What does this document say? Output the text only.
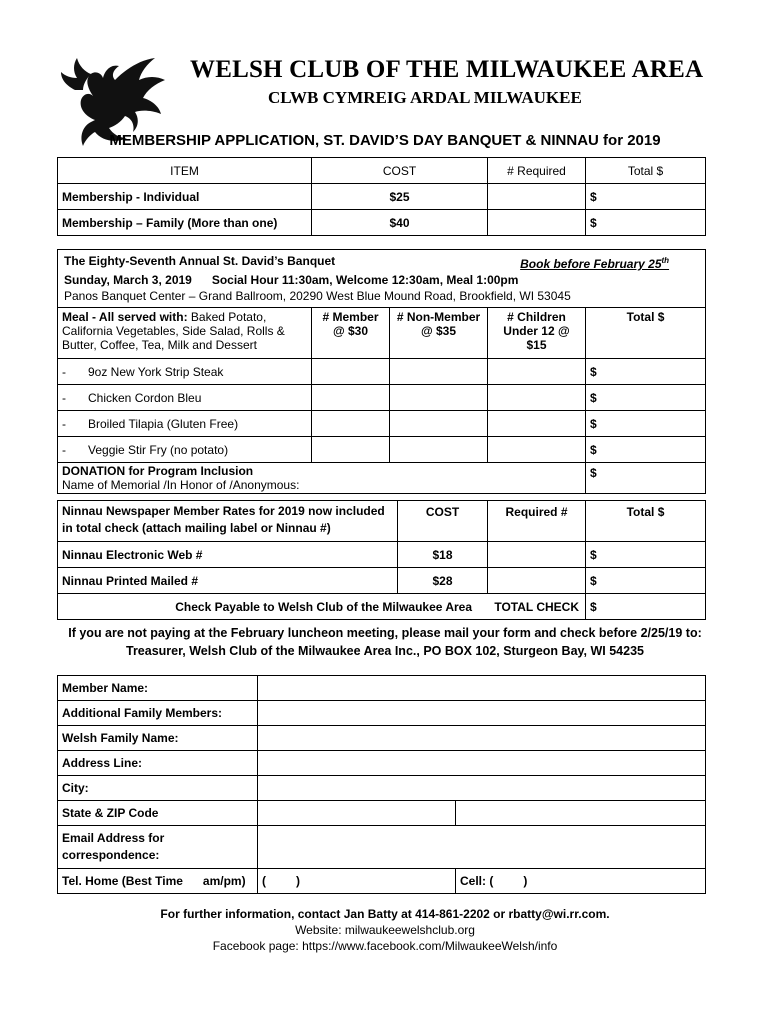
WELSH CLUB OF THE MILWAUKEE AREA
CLWB CYMREIG ARDAL MILWAUKEE
MEMBERSHIP APPLICATION, ST. DAVID’S DAY BANQUET & NINNAU for 2019
ITEM	COST	# Required	Total $
Membership - Individual	$25		$
Membership – Family (More than one)	$40		$
The Eighty-Seventh Annual St. David’s Banquet Book before February 25th
Sunday, March 3, 2019      Social Hour 11:30am, Welcome 12:30am, Meal 1:00pm
Panos Banquet Center – Grand Ballroom, 20290 West Blue Mound Road, Brookfield, WI 53045				

Meal - All served with: Baked Potato, California Vegetables, Side Salad, Rolls & Butter, Coffee, Tea, Milk and Dessert	# Member @ $30	# Non-Member @ $35	# Children Under 12 @ $15	Total $
- 9oz New York Strip Steak				$
- Chicken Cordon Bleu				$
- Broiled Tilapia (Gluten Free)				$
- Veggie Stir Fry (no potato)				$

DONATION for Program Inclusion
Name of Memorial /In Honor of /Anonymous:				$
Ninnau Newspaper Member Rates for 2019 now included in total check (attach mailing label or Ninnau #)	COST	Required #	Total $
Ninnau Electronic Web #	$18		$
Ninnau Printed Mailed #	$28		$

Check Payable to Welsh Club of the Milwaukee Area TOTAL CHECK			$
If you are not paying at the February luncheon meeting, please mail your form and check before 2/25/19 to:
Treasurer, Welsh Club of the Milwaukee Area Inc., PO BOX 102, Sturgeon Bay, WI 54235
Member Name:		
Additional Family Members:		
Welsh Family Name:		
Address Line:		
City:		
State & ZIP Code		
Email Address for correspondence:		
Tel. Home (Best Time      am/pm)	(         )	Cell: (         )
For further information, contact Jan Batty at 414-861-2202 or rbatty@wi.rr.com.
Website: milwaukeewelshclub.org
Facebook page: https://www.facebook.com/MilwaukeeWelsh/info
